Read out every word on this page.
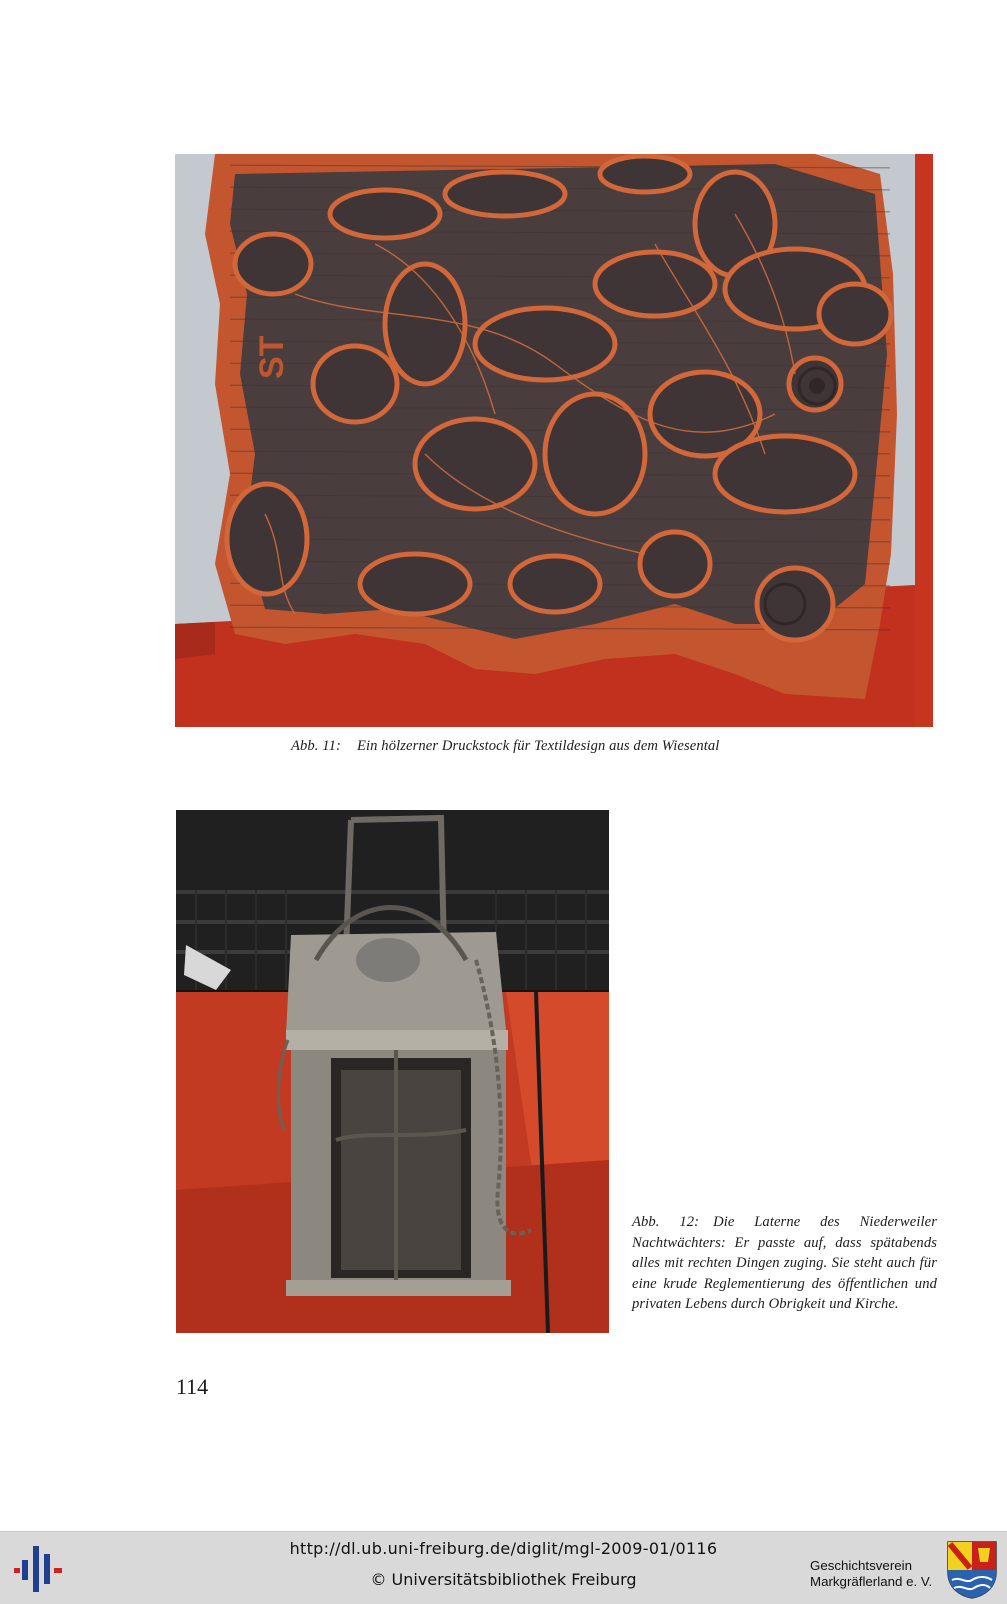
ST
Abb. 11: Ein hölzerner Druckstock für Textildesign aus dem Wiesental
Abb. 12: Die Laterne des Niederweiler Nachtwächters: Er passte auf, dass spätabends alles mit rechten Dingen zuging. Sie steht auch für eine krude Reglementierung des öffentlichen und privaten Lebens durch Obrigkeit und Kirche.
114
http://dl.ub.uni-freiburg.de/diglit/mgl-2009-01/0116
© Universitätsbibliothek Freiburg
Geschichtsverein
Markgräflerland e. V.
